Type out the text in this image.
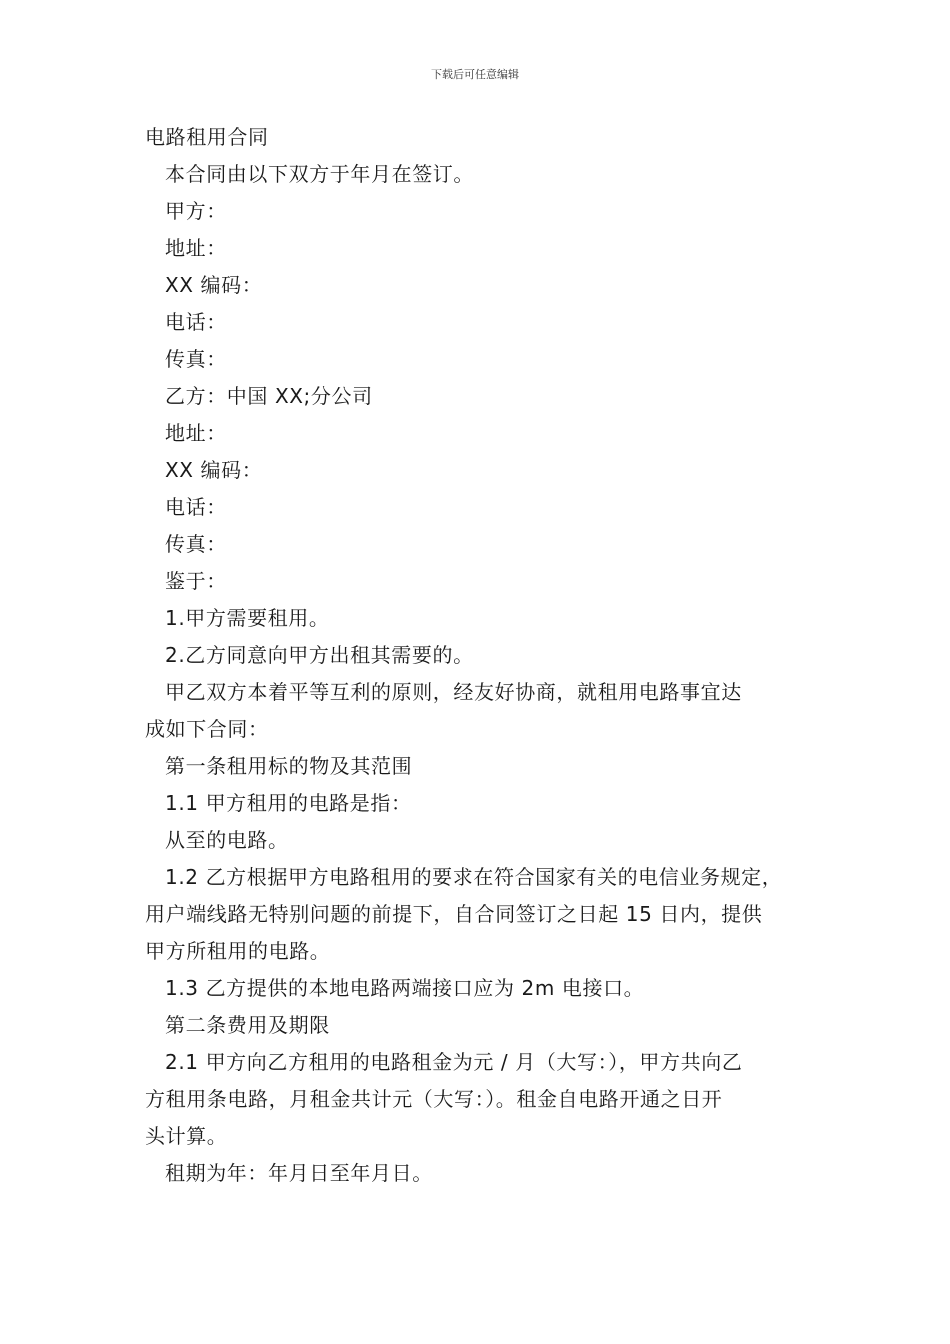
下载后可任意编辑
电路租用合同
本合同由以下双方于年月在签订。
甲方：
地址：
XX 编码：
电话：
传真：
乙方：中国 XX;分公司
地址：
XX 编码：
电话：
传真：
鉴于：
1.甲方需要租用。
2.乙方同意向甲方出租其需要的。
甲乙双方本着平等互利的原则，经友好协商，就租用电路事宜达
成如下合同：
第一条租用标的物及其范围
1.1 甲方租用的电路是指：
从至的电路。
1.2 乙方根据甲方电路租用的要求在符合国家有关的电信业务规定，
用户端线路无特别问题的前提下，自合同签订之日起 15 日内，提供
甲方所租用的电路。
1.3 乙方提供的本地电路两端接口应为 2m 电接口。
第二条费用及期限
2.1 甲方向乙方租用的电路租金为元 / 月（大写：），甲方共向乙
方租用条电路，月租金共计元（大写：）。租金自电路开通之日开
头计算。
租期为年：年月日至年月日。
